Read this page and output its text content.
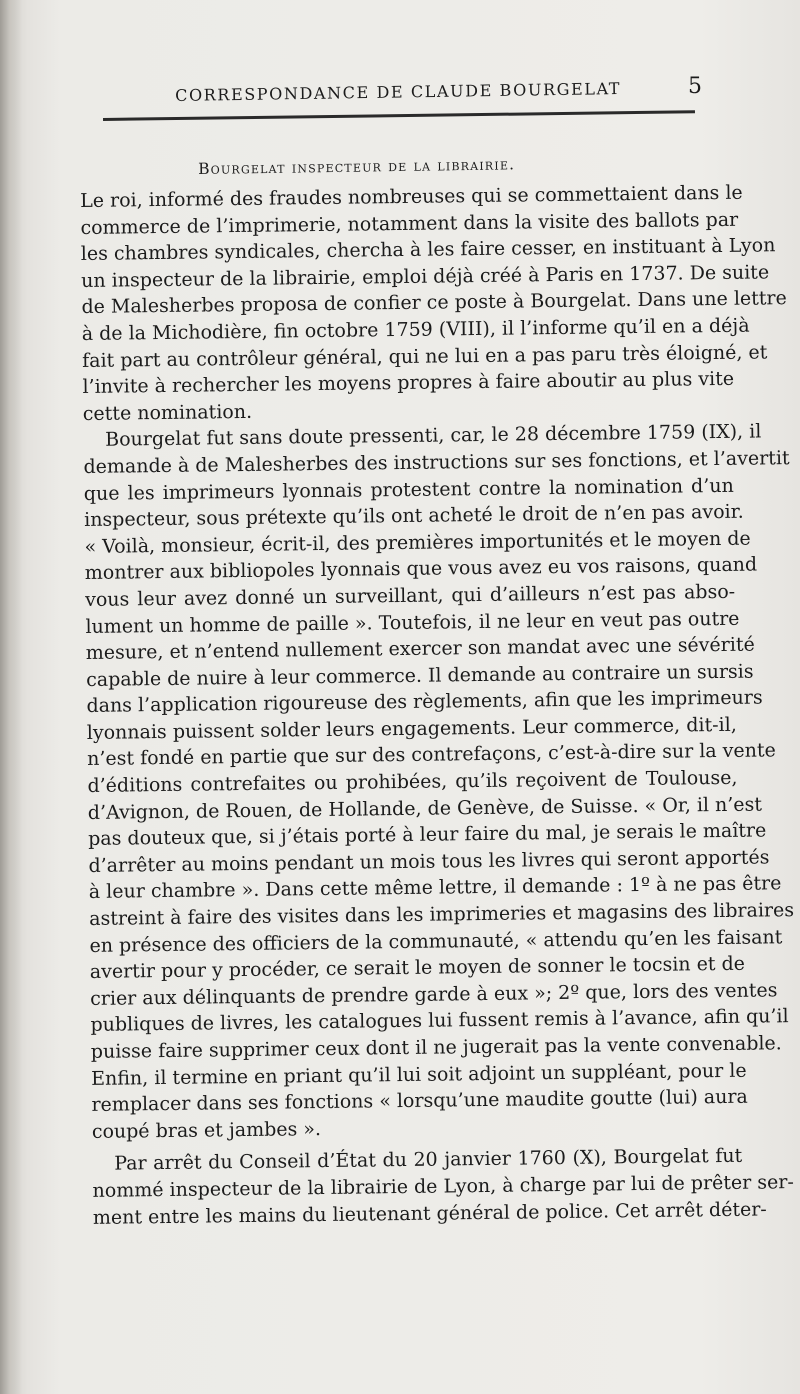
CORRESPONDANCE DE CLAUDE BOURGELAT	5
Bourgelat inspecteur de la librairie.
Le roi, informé des fraudes nombreuses qui se commettaient dans le
commerce de l’imprimerie, notamment dans la visite des ballots par
les chambres syndicales, chercha à les faire cesser, en instituant à Lyon
un inspecteur de la librairie, emploi déjà créé à Paris en 1737. De suite
de Malesherbes proposa de confier ce poste à Bourgelat. Dans une lettre
à de la Michodière, fin octobre 1759 (VIII), il l’informe qu’il en a déjà
fait part au contrôleur général, qui ne lui en a pas paru très éloigné, et
l’invite à rechercher les moyens propres à faire aboutir au plus vite
cette nomination.
Bourgelat fut sans doute pressenti, car, le 28 décembre 1759 (IX), il
demande à de Malesherbes des instructions sur ses fonctions, et l’avertit
que les imprimeurs lyonnais protestent contre la nomination d’un
inspecteur, sous prétexte qu’ils ont acheté le droit de n’en pas avoir.
« Voilà, monsieur, écrit-il, des premières importunités et le moyen de
montrer aux bibliopoles lyonnais que vous avez eu vos raisons, quand
vous leur avez donné un surveillant, qui d’ailleurs n’est pas abso-
lument un homme de paille ». Toutefois, il ne leur en veut pas outre
mesure, et n’entend nullement exercer son mandat avec une sévérité
capable de nuire à leur commerce. Il demande au contraire un sursis
dans l’application rigoureuse des règlements, afin que les imprimeurs
lyonnais puissent solder leurs engagements. Leur commerce, dit-il,
n’est fondé en partie que sur des contrefaçons, c’est-à-dire sur la vente
d’éditions contrefaites ou prohibées, qu’ils reçoivent de Toulouse,
d’Avignon, de Rouen, de Hollande, de Genève, de Suisse. « Or, il n’est
pas douteux que, si j’étais porté à leur faire du mal, je serais le maître
d’arrêter au moins pendant un mois tous les livres qui seront apportés
à leur chambre ». Dans cette même lettre, il demande : 1º à ne pas être
astreint à faire des visites dans les imprimeries et magasins des libraires
en présence des officiers de la communauté, « attendu qu’en les faisant
avertir pour y procéder, ce serait le moyen de sonner le tocsin et de
crier aux délinquants de prendre garde à eux »; 2º que, lors des ventes
publiques de livres, les catalogues lui fussent remis à l’avance, afin qu’il
puisse faire supprimer ceux dont il ne jugerait pas la vente convenable.
Enfin, il termine en priant qu’il lui soit adjoint un suppléant, pour le
remplacer dans ses fonctions « lorsqu’une maudite goutte (lui) aura
coupé bras et jambes ».
Par arrêt du Conseil d’État du 20 janvier 1760 (X), Bourgelat fut
nommé inspecteur de la librairie de Lyon, à charge par lui de prêter ser-
ment entre les mains du lieutenant général de police. Cet arrêt déter-
